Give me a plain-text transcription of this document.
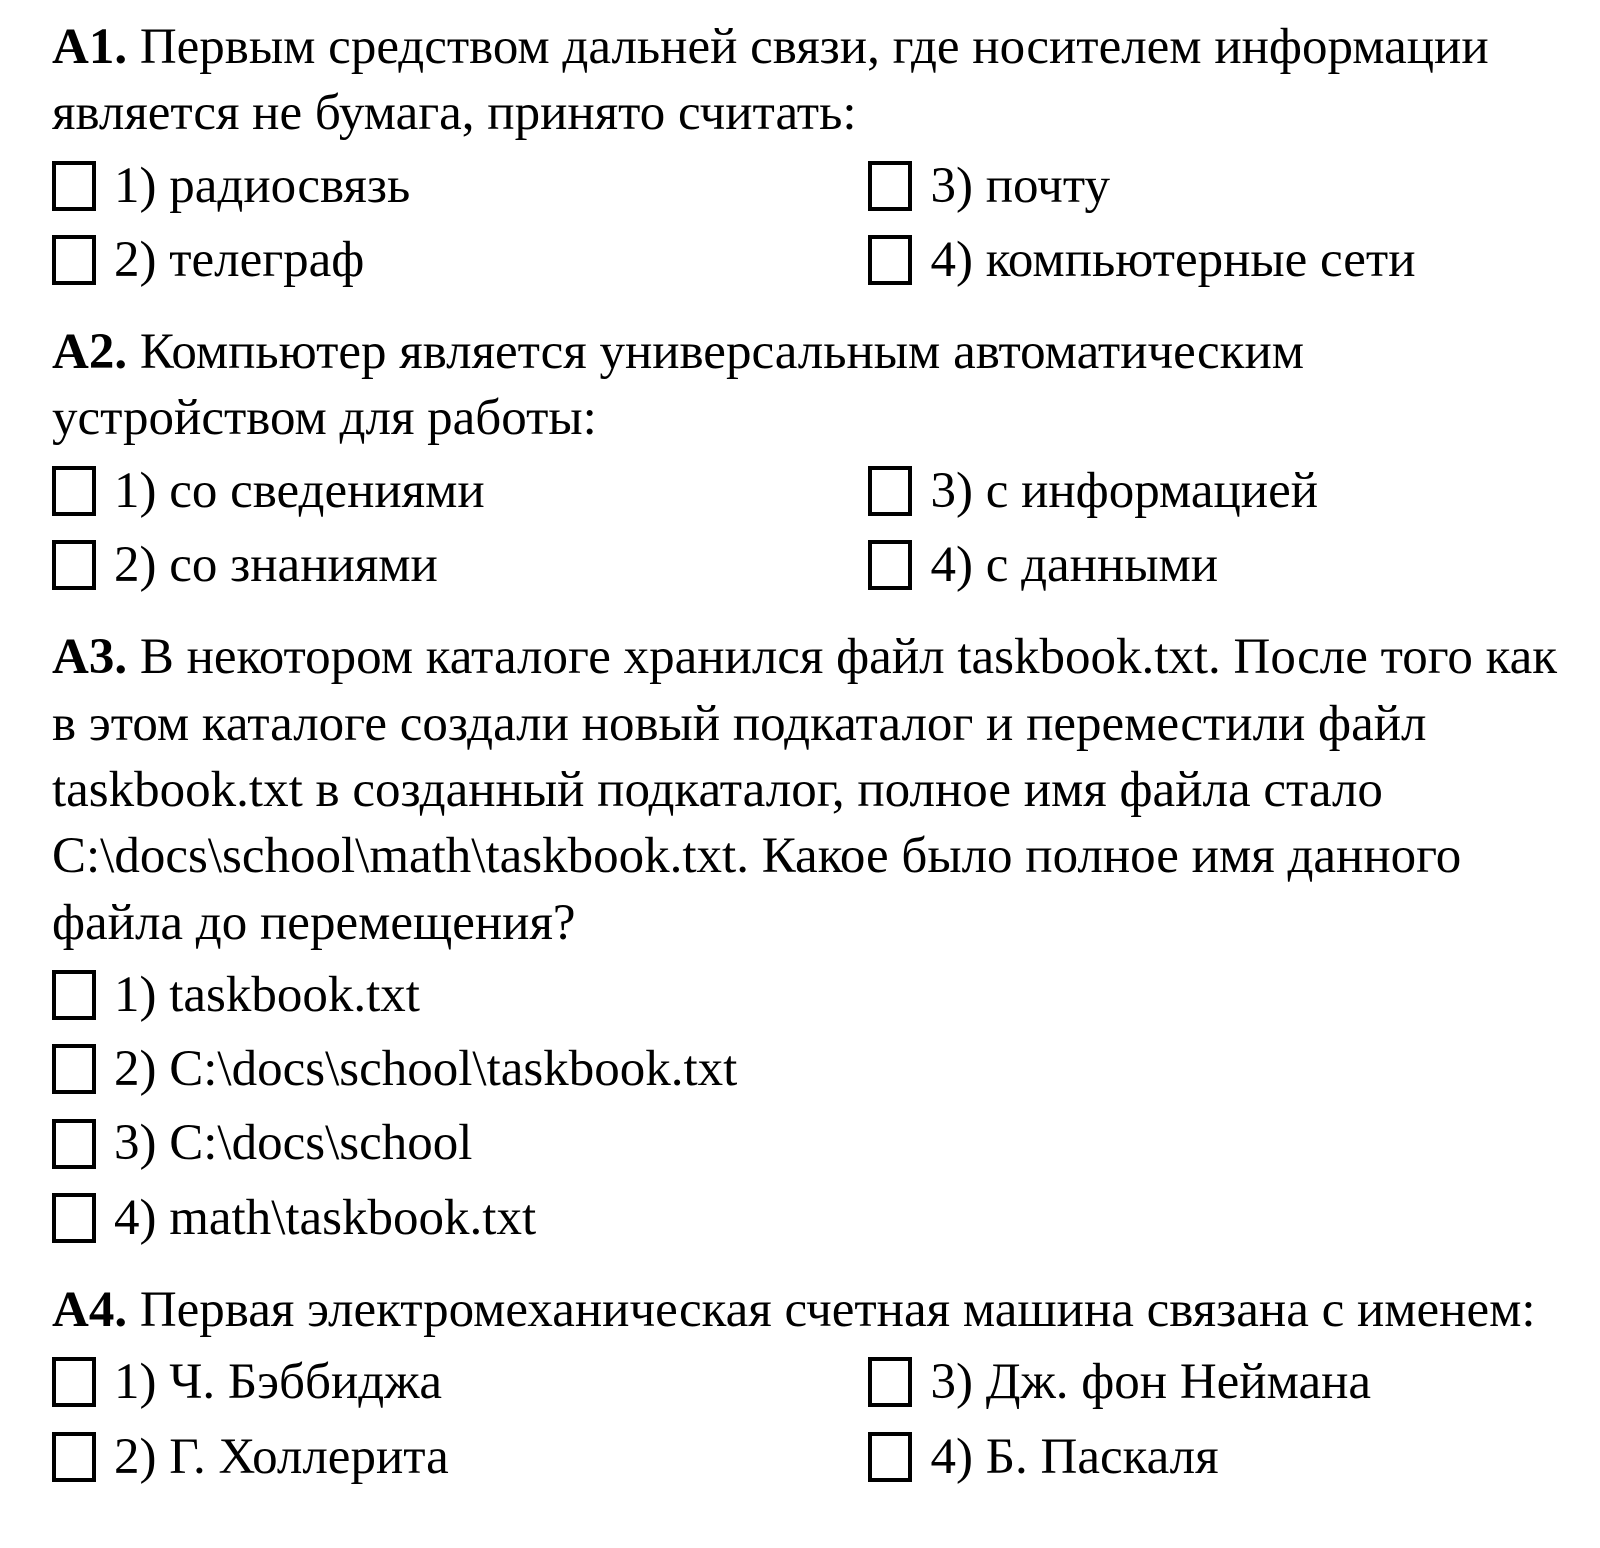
А1. Первым средством дальней связи, где носителем информации является не бумага, принято считать:

1) радиосвязь
2) телеграф
3) почту
4) компьютерные сети

А2. Компьютер является универсальным автоматическим устройством для работы:

1) со сведениями
2) со знаниями
3) с информацией
4) с данными

А3. В некотором каталоге хранился файл taskbook.txt. После того как в этом каталоге создали новый подкаталог и переместили файл taskbook.txt в созданный подкаталог, полное имя файла стало C:\docs\school\math\taskbook.txt. Какое было полное имя данного файла до перемещения?

1) taskbook.txt
2) C:\docs\school\taskbook.txt
3) C:\docs\school
4) math\taskbook.txt

А4. Первая электромеханическая счетная машина связана с именем:

1) Ч. Бэббиджа
2) Г. Холлерита
3) Дж. фон Неймана
4) Б. Паскаля
